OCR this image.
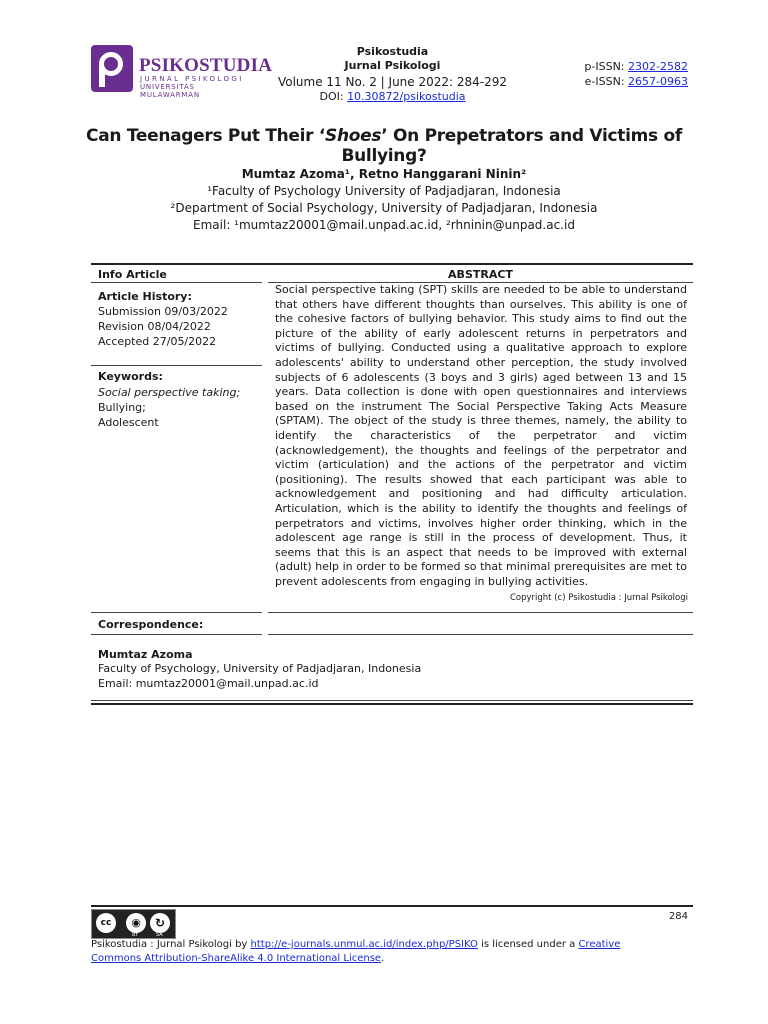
PSIKOSTUDIA
JURNAL PSIKOLOGI
UNIVERSITAS MULAWARMAN
Psikostudia
Jurnal Psikologi
Volume 11 No. 2 | June 2022: 284-292
DOI: 10.30872/psikostudia
p-ISSN: 2302-2582
e-ISSN: 2657-0963
Can Teenagers Put Their ‘Shoes’ On Prepetrators and Victims of Bullying?
Mumtaz Azoma¹, Retno Hanggarani Ninin²
¹Faculty of Psychology University of Padjadjaran, Indonesia
²Department of Social Psychology, University of Padjadjaran, Indonesia
Email: ¹mumtaz20001@mail.unpad.ac.id, ²rhninin@unpad.ac.id
Info Article	ABSTRACT
Article History:
Submission 09/03/2022
Revision 08/04/2022
Accepted 27/05/2022
Keywords:
Social perspective taking;
Bullying;
Adolescent
Social perspective taking (SPT) skills are needed to be able to understand that others have different thoughts than ourselves. This ability is one of the cohesive factors of bullying behavior. This study aims to find out the picture of the ability of early adolescent returns in perpetrators and victims of bullying. Conducted using a qualitative approach to explore adolescents' ability to understand other perception, the study involved subjects of 6 adolescents (3 boys and 3 girls) aged between 13 and 15 years. Data collection is done with open questionnaires and interviews based on the instrument The Social Perspective Taking Acts Measure (SPTAM). The object of the study is three themes, namely, the ability to identify the characteristics of the perpetrator and victim (acknowledgement), the thoughts and feelings of the perpetrator and victim (articulation) and the actions of the perpetrator and victim (positioning). The results showed that each participant was able to acknowledgement and positioning and had difficulty articulation. Articulation, which is the ability to identify the thoughts and feelings of perpetrators and victims, involves higher order thinking, which in the adolescent age range is still in the process of development. Thus, it seems that this is an aspect that needs to be improved with external (adult) help in order to be formed so that minimal prerequisites are met to prevent adolescents from engaging in bullying activities.
Copyright (c) Psikostudia : Jurnal Psikologi
Correspondence:
Mumtaz Azoma
Faculty of Psychology, University of Padjadjaran, Indonesia
Email: mumtaz20001@mail.unpad.ac.id
cc	◉	↻
BY	SA
284
Psikostudia : Jurnal Psikologi by http://e-journals.unmul.ac.id/index.php/PSIKO is licensed under a Creative Commons Attribution-ShareAlike 4.0 International License.
